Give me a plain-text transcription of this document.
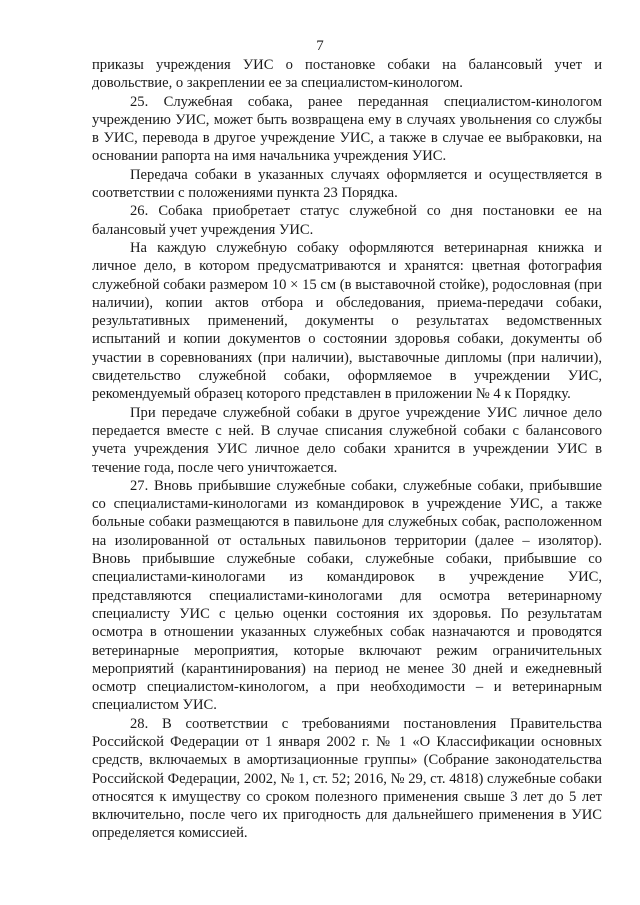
7

приказы учреждения УИС о постановке собаки на балансовый учет и довольствие, о закреплении ее за специалистом-кинологом.

25. Служебная собака, ранее переданная специалистом-кинологом учреждению УИС, может быть возвращена ему в случаях увольнения со службы в УИС, перевода в другое учреждение УИС, а также в случае ее выбраковки, на основании рапорта на имя начальника учреждения УИС.

Передача собаки в указанных случаях оформляется и осуществляется в соответствии с положениями пункта 23 Порядка.

26. Собака приобретает статус служебной со дня постановки ее на балансовый учет учреждения УИС.

На каждую служебную собаку оформляются ветеринарная книжка и личное дело, в котором предусматриваются и хранятся: цветная фотография служебной собаки размером 10 × 15 см (в выставочной стойке), родословная (при наличии), копии актов отбора и обследования, приема-передачи собаки, результативных применений, документы о результатах ведомственных испытаний и копии документов о состоянии здоровья собаки, документы об участии в соревнованиях (при наличии), выставочные дипломы (при наличии), свидетельство служебной собаки, оформляемое в учреждении УИС, рекомендуемый образец которого представлен в приложении № 4 к Порядку.

При передаче служебной собаки в другое учреждение УИС личное дело передается вместе с ней. В случае списания служебной собаки с балансового учета учреждения УИС личное дело собаки хранится в учреждении УИС в течение года, после чего уничтожается.

27. Вновь прибывшие служебные собаки, служебные собаки, прибывшие со специалистами-кинологами из командировок в учреждение УИС, а также больные собаки размещаются в павильоне для служебных собак, расположенном на изолированной от остальных павильонов территории (далее – изолятор). Вновь прибывшие служебные собаки, служебные собаки, прибывшие со специалистами-кинологами из командировок в учреждение УИС, представляются специалистами-кинологами для осмотра ветеринарному специалисту УИС с целью оценки состояния их здоровья. По результатам осмотра в отношении указанных служебных собак назначаются и проводятся ветеринарные мероприятия, которые включают режим ограничительных мероприятий (карантинирования) на период не менее 30 дней и ежедневный осмотр специалистом-кинологом, а при необходимости – и ветеринарным специалистом УИС.

28. В соответствии с требованиями постановления Правительства Российской Федерации от 1 января 2002 г. № 1 «О Классификации основных средств, включаемых в амортизационные группы» (Собрание законодательства Российской Федерации, 2002, № 1, ст. 52; 2016, № 29, ст. 4818) служебные собаки относятся к имуществу со сроком полезного применения свыше 3 лет до 5 лет включительно, после чего их пригодность для дальнейшего применения в УИС определяется комиссией.
